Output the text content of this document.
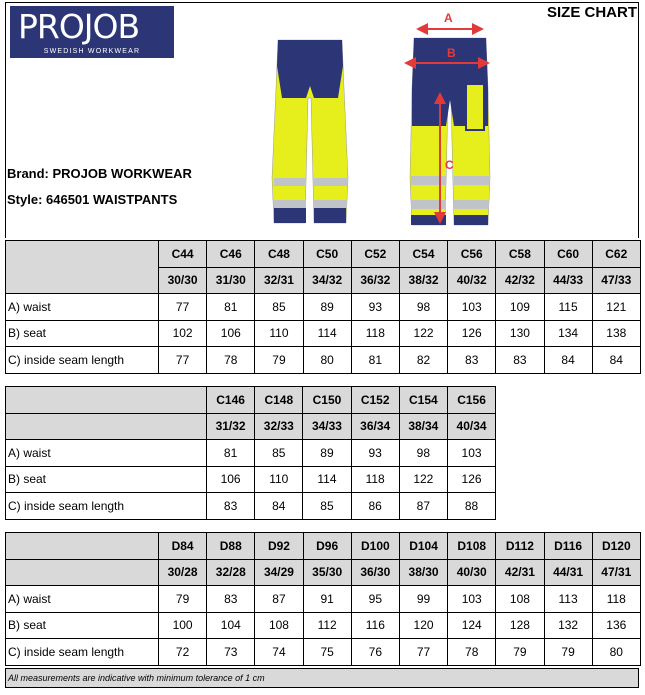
PROJOB
SWEDISH WORKWEAR
SIZE CHART
Brand: PROJOB WORKWEAR
Style: 646501 WAISTPANTS
A
B
C
	C44	C46	C48	C50	C52	C54	C56	C58	C60	C62
	30/30	31/30	32/31	34/32	36/32	38/32	40/32	42/32	44/33	47/33
A) waist	77	81	85	89	93	98	103	109	115	121
B) seat	102	106	110	114	118	122	126	130	134	138
C) inside seam length	77	78	79	80	81	82	83	83	84	84
	C146	C148	C150	C152	C154	C156
	31/32	32/33	34/33	36/34	38/34	40/34
A) waist	81	85	89	93	98	103
B) seat	106	110	114	118	122	126
C) inside seam length	83	84	85	86	87	88
	D84	D88	D92	D96	D100	D104	D108	D112	D116	D120
	30/28	32/28	34/29	35/30	36/30	38/30	40/30	42/31	44/31	47/31
A) waist	79	83	87	91	95	99	103	108	113	118
B) seat	100	104	108	112	116	120	124	128	132	136
C) inside seam length	72	73	74	75	76	77	78	79	79	80
All measurements are indicative with minimum tolerance of 1 cm
